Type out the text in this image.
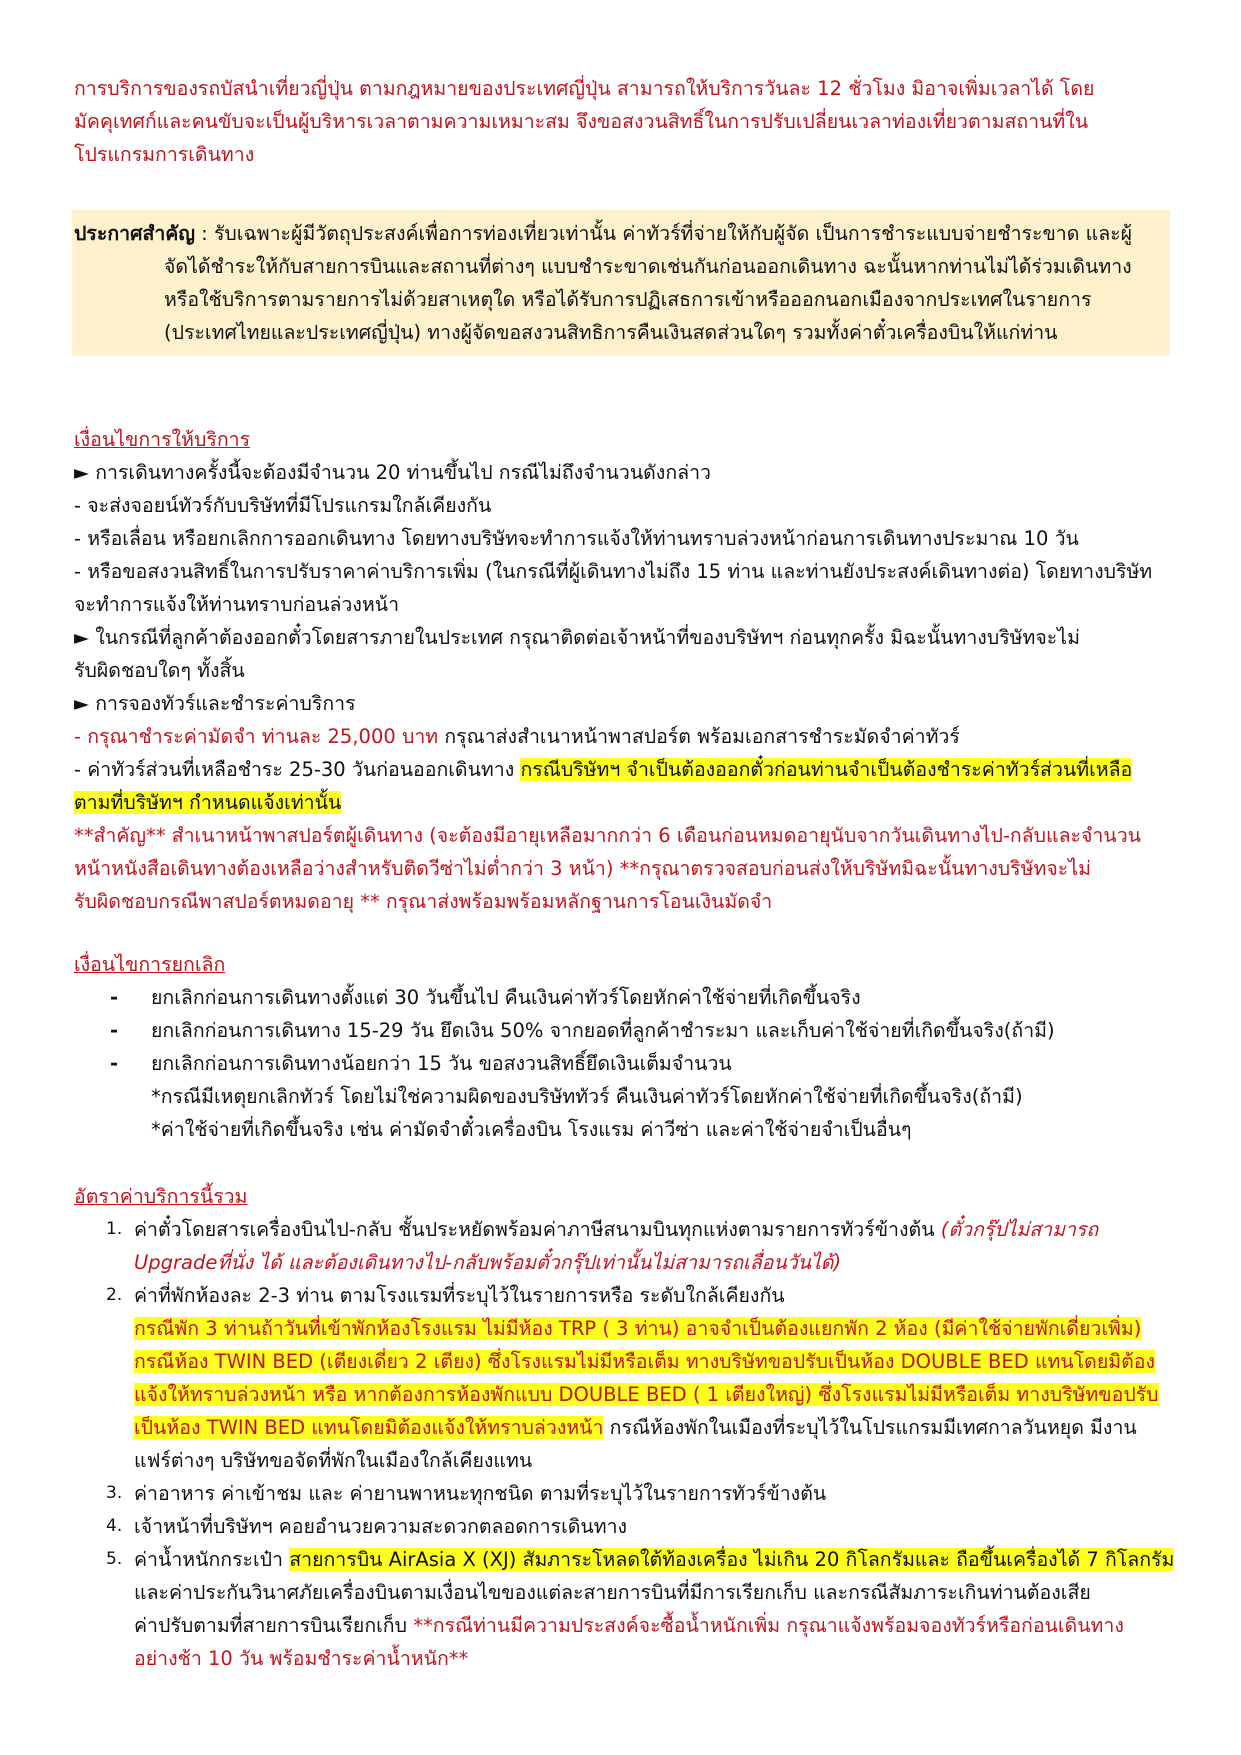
การบริการของรถบัสนำเที่ยวญี่ปุ่น ตามกฎหมายของประเทศญี่ปุ่น สามารถให้บริการวันละ 12 ชั่วโมง มิอาจเพิ่มเวลาได้ โดย

มัคคุเทศก์และคนขับจะเป็นผู้บริหารเวลาตามความเหมาะสม จึงขอสงวนสิทธิ์ในการปรับเปลี่ยนเวลาท่องเที่ยวตามสถานที่ใน

โปรแกรมการเดินทาง

ประกาศสำคัญ : รับเฉพาะผู้มีวัตถุประสงค์เพื่อการท่องเที่ยวเท่านั้น ค่าทัวร์ที่จ่ายให้กับผู้จัด เป็นการชำระแบบจ่ายชำระขาด และผู้

จัดได้ชำระให้กับสายการบินและสถานที่ต่างๆ แบบชำระขาดเช่นกันก่อนออกเดินทาง ฉะนั้นหากท่านไม่ได้ร่วมเดินทาง

หรือใช้บริการตามรายการไม่ด้วยสาเหตุใด หรือได้รับการปฏิเสธการเข้าหรือออกนอกเมืองจากประเทศในรายการ

(ประเทศไทยและประเทศญี่ปุ่น) ทางผู้จัดขอสงวนสิทธิการคืนเงินสดส่วนใดๆ รวมทั้งค่าตั๋วเครื่องบินให้แก่ท่าน

เงื่อนไขการให้บริการ

► การเดินทางครั้งนี้จะต้องมีจำนวน 20 ท่านขึ้นไป กรณีไม่ถึงจำนวนดังกล่าว

- จะส่งจอยน์ทัวร์กับบริษัทที่มีโปรแกรมใกล้เคียงกัน

- หรือเลื่อน หรือยกเลิกการออกเดินทาง โดยทางบริษัทจะทำการแจ้งให้ท่านทราบล่วงหน้าก่อนการเดินทางประมาณ 10 วัน

- หรือขอสงวนสิทธิ์ในการปรับราคาค่าบริการเพิ่ม (ในกรณีที่ผู้เดินทางไม่ถึง 15 ท่าน และท่านยังประสงค์เดินทางต่อ) โดยทางบริษัท

จะทำการแจ้งให้ท่านทราบก่อนล่วงหน้า

► ในกรณีที่ลูกค้าต้องออกตั๋วโดยสารภายในประเทศ กรุณาติดต่อเจ้าหน้าที่ของบริษัทฯ ก่อนทุกครั้ง มิฉะนั้นทางบริษัทจะไม่

รับผิดชอบใดๆ ทั้งสิ้น

► การจองทัวร์และชำระค่าบริการ

- กรุณาชำระค่ามัดจำ ท่านละ 25,000 บาท กรุณาส่งสำเนาหน้าพาสปอร์ต พร้อมเอกสารชำระมัดจำค่าทัวร์

- ค่าทัวร์ส่วนที่เหลือชำระ 25-30 วันก่อนออกเดินทาง กรณีบริษัทฯ จำเป็นต้องออกตั๋วก่อนท่านจำเป็นต้องชำระค่าทัวร์ส่วนที่เหลือ

ตามที่บริษัทฯ กำหนดแจ้งเท่านั้น

**สำคัญ** สำเนาหน้าพาสปอร์ตผู้เดินทาง (จะต้องมีอายุเหลือมากกว่า 6 เดือนก่อนหมดอายุนับจากวันเดินทางไป-กลับและจำนวน

หน้าหนังสือเดินทางต้องเหลือว่างสำหรับติดวีซ่าไม่ต่ำกว่า 3 หน้า) **กรุณาตรวจสอบก่อนส่งให้บริษัทมิฉะนั้นทางบริษัทจะไม่

รับผิดชอบกรณีพาสปอร์ตหมดอายุ ** กรุณาส่งพร้อมพร้อมหลักฐานการโอนเงินมัดจำ

เงื่อนไขการยกเลิก

- ยกเลิกก่อนการเดินทางตั้งแต่ 30 วันขึ้นไป คืนเงินค่าทัวร์โดยหักค่าใช้จ่ายที่เกิดขึ้นจริง

- ยกเลิกก่อนการเดินทาง 15-29 วัน ยึดเงิน 50% จากยอดที่ลูกค้าชำระมา และเก็บค่าใช้จ่ายที่เกิดขึ้นจริง(ถ้ามี)

- ยกเลิกก่อนการเดินทางน้อยกว่า 15 วัน ขอสงวนสิทธิ์ยึดเงินเต็มจำนวน

*กรณีมีเหตุยกเลิกทัวร์ โดยไม่ใช่ความผิดของบริษัททัวร์ คืนเงินค่าทัวร์โดยหักค่าใช้จ่ายที่เกิดขึ้นจริง(ถ้ามี)

*ค่าใช้จ่ายที่เกิดขึ้นจริง เช่น ค่ามัดจำตั๋วเครื่องบิน โรงแรม ค่าวีซ่า และค่าใช้จ่ายจำเป็นอื่นๆ

อัตราค่าบริการนี้รวม

1. ค่าตั๋วโดยสารเครื่องบินไป-กลับ ชั้นประหยัดพร้อมค่าภาษีสนามบินทุกแห่งตามรายการทัวร์ข้างต้น (ตั๋วกรุ๊ปไม่สามารถ

Upgradeที่นั่ง ได้ และต้องเดินทางไป-กลับพร้อมตั๋วกรุ๊ปเท่านั้นไม่สามารถเลื่อนวันได้)

2. ค่าที่พักห้องละ 2-3 ท่าน ตามโรงแรมที่ระบุไว้ในรายการหรือ ระดับใกล้เคียงกัน

กรณีพัก 3 ท่านถ้าวันที่เข้าพักห้องโรงแรม ไม่มีห้อง TRP ( 3 ท่าน) อาจจำเป็นต้องแยกพัก 2 ห้อง (มีค่าใช้จ่ายพักเดี่ยวเพิ่ม)

กรณีห้อง TWIN BED (เตียงเดี่ยว 2 เตียง) ซึ่งโรงแรมไม่มีหรือเต็ม ทางบริษัทขอปรับเป็นห้อง DOUBLE BED แทนโดยมิต้อง

แจ้งให้ทราบล่วงหน้า หรือ หากต้องการห้องพักแบบ DOUBLE BED ( 1 เตียงใหญ่) ซึ่งโรงแรมไม่มีหรือเต็ม ทางบริษัทขอปรับ

เป็นห้อง TWIN BED แทนโดยมิต้องแจ้งให้ทราบล่วงหน้า กรณีห้องพักในเมืองที่ระบุไว้ในโปรแกรมมีเทศกาลวันหยุด มีงาน

แฟร์ต่างๆ บริษัทขอจัดที่พักในเมืองใกล้เคียงแทน

3. ค่าอาหาร ค่าเข้าชม และ ค่ายานพาหนะทุกชนิด ตามที่ระบุไว้ในรายการทัวร์ข้างต้น

4. เจ้าหน้าที่บริษัทฯ คอยอำนวยความสะดวกตลอดการเดินทาง

5. ค่าน้ำหนักกระเป๋า สายการบิน AirAsia X (XJ) สัมภาระโหลดใต้ท้องเครื่อง ไม่เกิน 20 กิโลกรัมและ ถือขึ้นเครื่องได้ 7 กิโลกรัม

และค่าประกันวินาศภัยเครื่องบินตามเงื่อนไขของแต่ละสายการบินที่มีการเรียกเก็บ และกรณีสัมภาระเกินท่านต้องเสีย

ค่าปรับตามที่สายการบินเรียกเก็บ **กรณีท่านมีความประสงค์จะซื้อน้ำหนักเพิ่ม กรุณาแจ้งพร้อมจองทัวร์หรือก่อนเดินทาง

อย่างช้า 10 วัน พร้อมชำระค่าน้ำหนัก**
